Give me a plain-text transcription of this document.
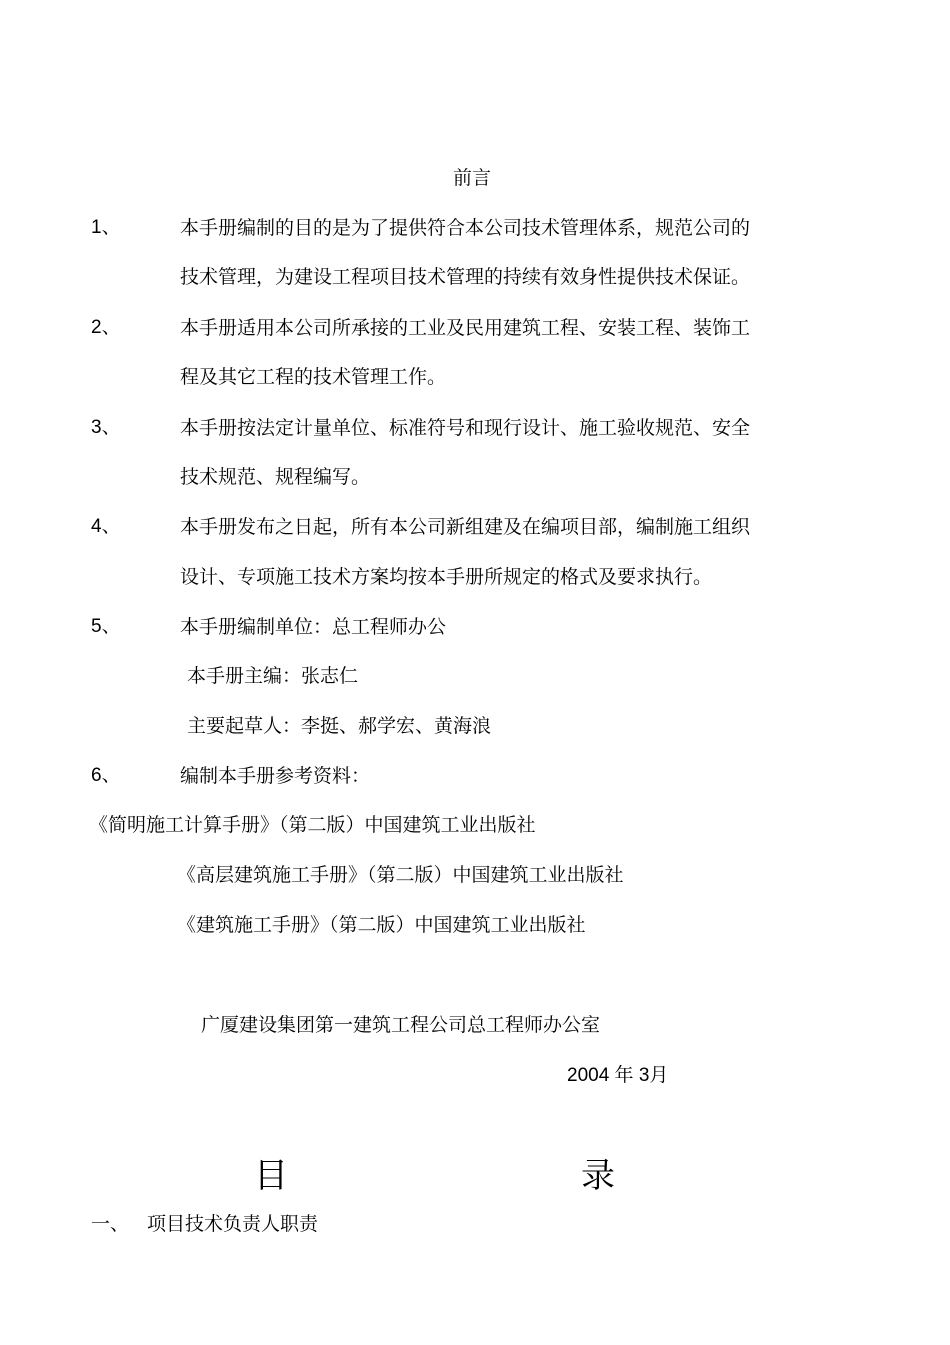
前言
1、	本手册编制的目的是为了提供符合本公司技术管理体系，规范公司的
技术管理，为建设工程项目技术管理的持续有效身性提供技术保证。
2、	本手册适用本公司所承接的工业及民用建筑工程、安装工程、装饰工
程及其它工程的技术管理工作。
3、	本手册按法定计量单位、标准符号和现行设计、施工验收规范、安全
技术规范、规程编写。
4、	本手册发布之日起，所有本公司新组建及在编项目部，编制施工组织
设计、专项施工技术方案均按本手册所规定的格式及要求执行。
5、	本手册编制单位：总工程师办公
本手册主编：张志仁
主要起草人：李挺、郝学宏、黄海浪
6、	编制本手册参考资料：
《简明施工计算手册》（第二版）中国建筑工业出版社
《高层建筑施工手册》（第二版）中国建筑工业出版社
《建筑施工手册》（第二版）中国建筑工业出版社
广厦建设集团第一建筑工程公司总工程师办公室
2004 年 3月
目	录
一、 项目技术负责人职责
